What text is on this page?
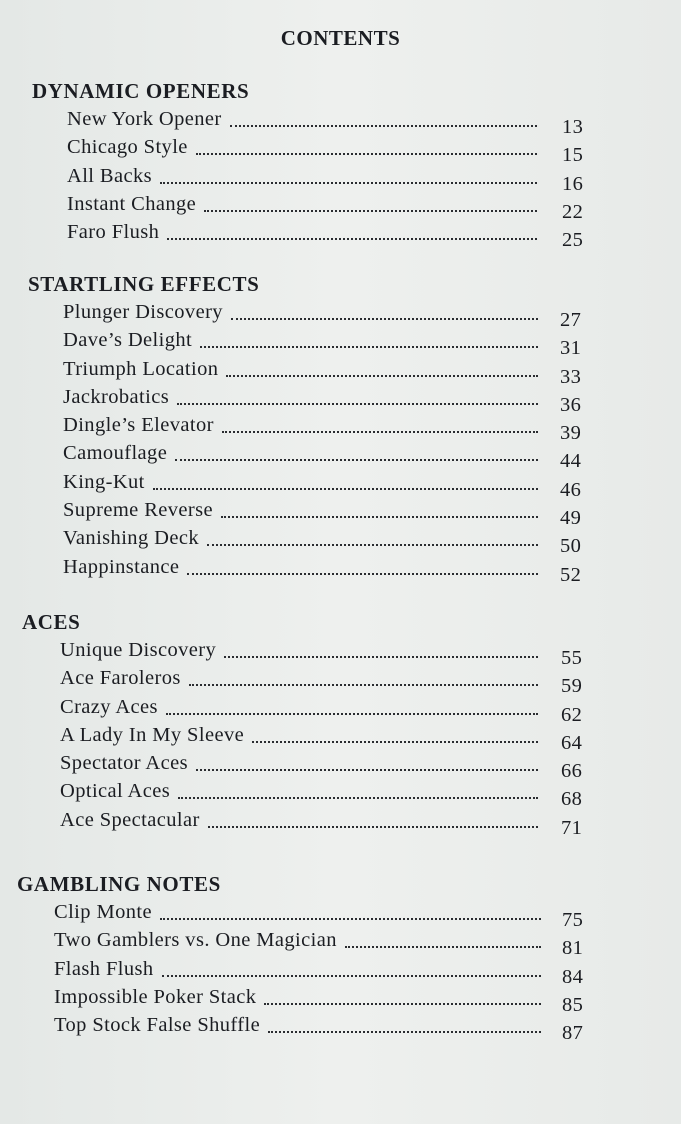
CONTENTS
DYNAMIC OPENERS
New York Opener	13
Chicago Style	15
All Backs	16
Instant Change	22
Faro Flush	25
STARTLING EFFECTS
Plunger Discovery	27
Dave’s Delight	31
Triumph Location	33
Jackrobatics	36
Dingle’s Elevator	39
Camouflage	44
King-Kut	46
Supreme Reverse	49
Vanishing Deck	50
Happinstance	52
ACES
Unique Discovery	55
Ace Faroleros	59
Crazy Aces	62
A Lady In My Sleeve	64
Spectator Aces	66
Optical Aces	68
Ace Spectacular	71
GAMBLING NOTES
Clip Monte	75
Two Gamblers vs. One Magician	81
Flash Flush	84
Impossible Poker Stack	85
Top Stock False Shuffle	87
